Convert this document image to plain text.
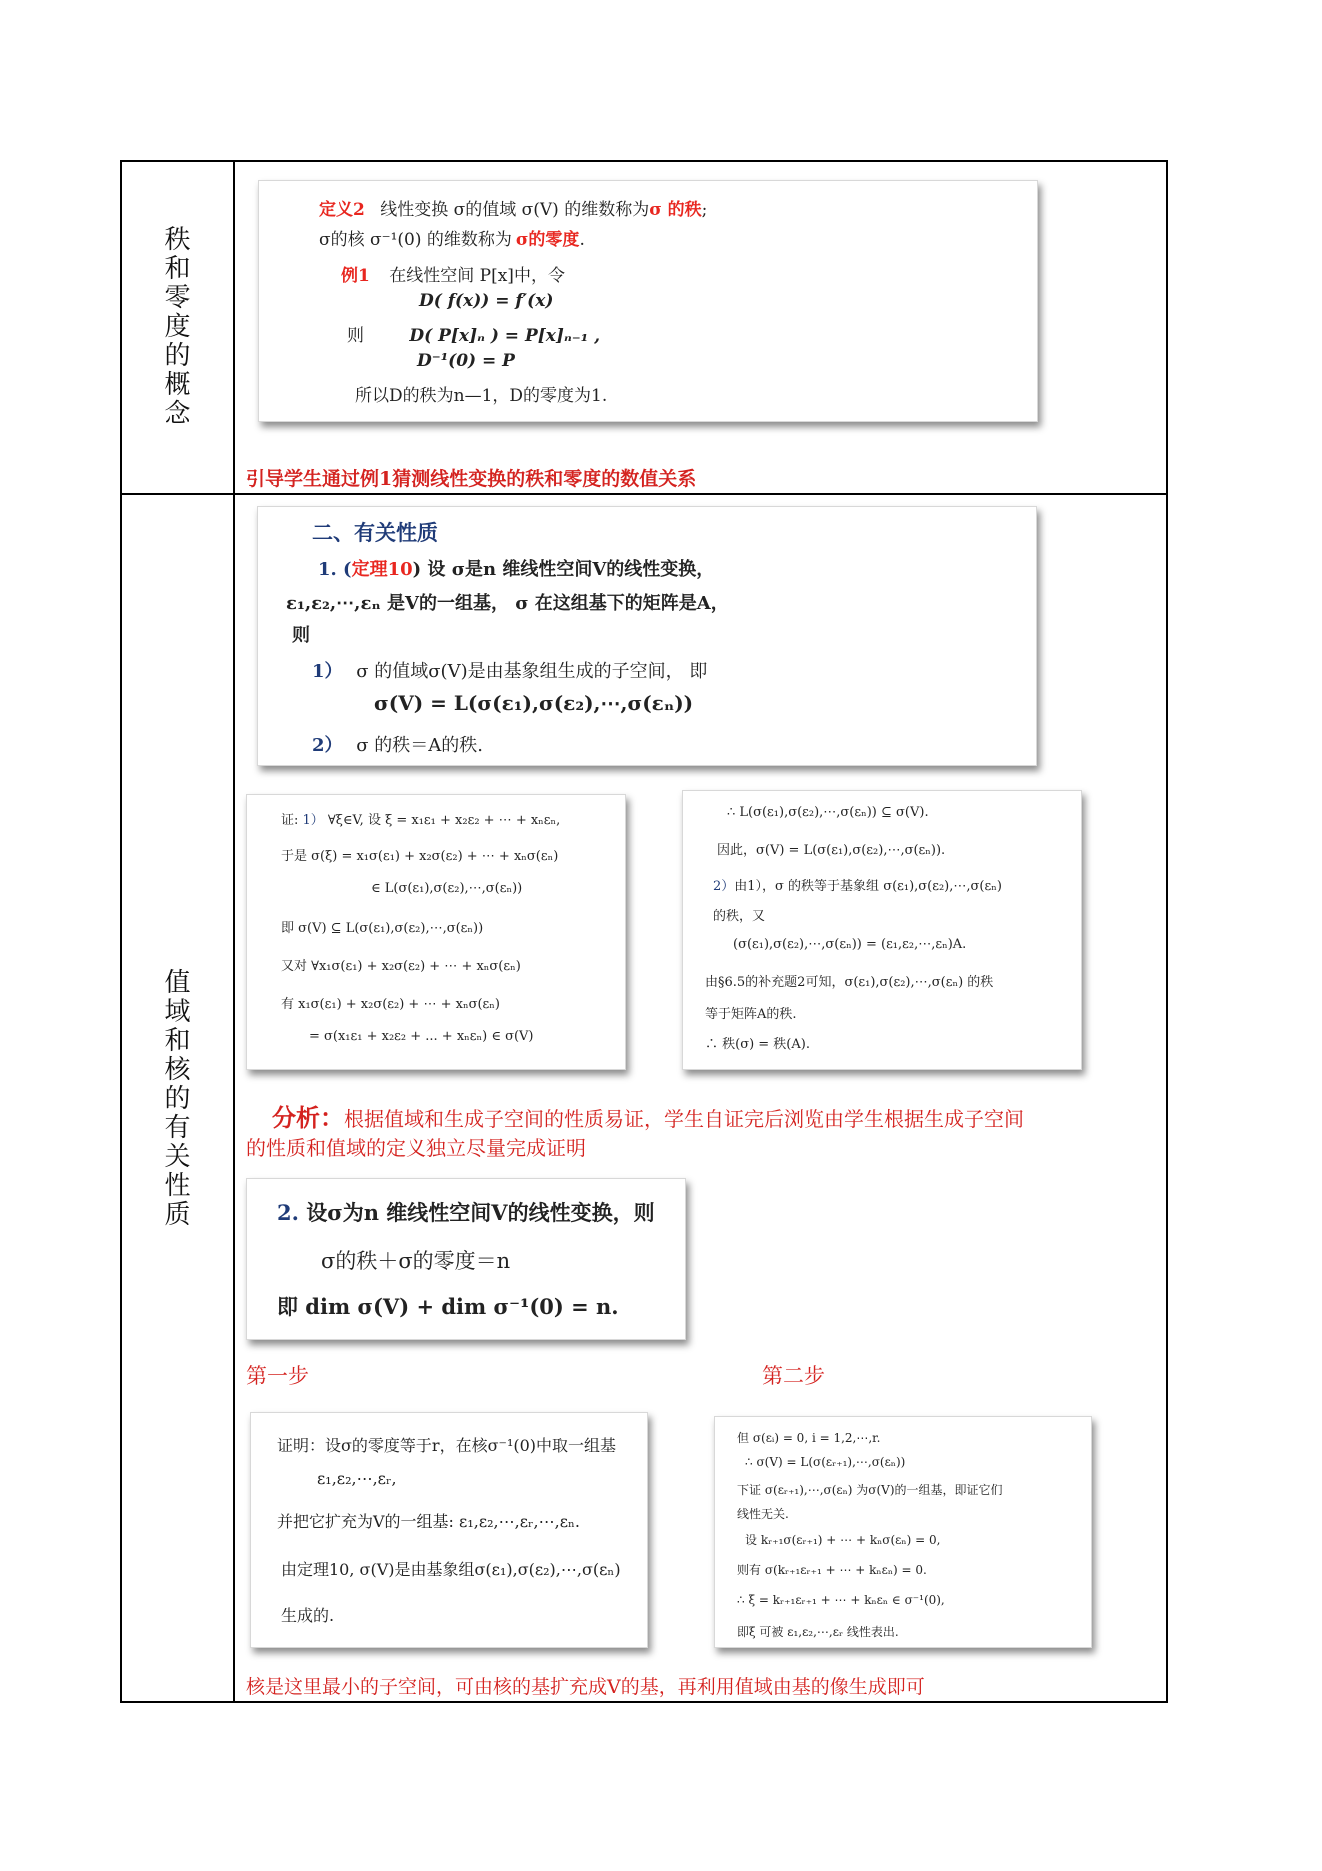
秩和零度的概念
值域和核的有关性质
定义2 线性变换 σ的值域 σ(V) 的维数称为σ 的秩;
σ的核 σ⁻¹(0) 的维数称为 σ的零度.
例1 在线性空间 P[x]中，令
D( f(x)) = f′(x)
则	D( P[x]ₙ ) = P[x]ₙ₋₁ ,
D⁻¹(0) = P
所以D的秩为n—1，D的零度为1.
引导学生通过例1猜测线性变换的秩和零度的数值关系
二、有关性质
1. (定理10) 设 σ是n 维线性空间V的线性变换，
ε₁,ε₂,⋯,εₙ 是V的一组基， σ 在这组基下的矩阵是A，
则
1） σ 的值域σ(V)是由基象组生成的子空间， 即
σ(V) = L(σ(ε₁),σ(ε₂),⋯,σ(εₙ))
2） σ 的秩＝A的秩.
证: 1） ∀ξ∈V, 设 ξ = x₁ε₁ + x₂ε₂ + ⋯ + xₙεₙ,
于是 σ(ξ) = x₁σ(ε₁) + x₂σ(ε₂) + ⋯ + xₙσ(εₙ)
∈ L(σ(ε₁),σ(ε₂),⋯,σ(εₙ))
即 σ(V) ⊆ L(σ(ε₁),σ(ε₂),⋯,σ(εₙ))
又对 ∀x₁σ(ε₁) + x₂σ(ε₂) + ⋯ + xₙσ(εₙ)
有 x₁σ(ε₁) + x₂σ(ε₂) + ⋯ + xₙσ(εₙ)
= σ(x₁ε₁ + x₂ε₂ + ... + xₙεₙ) ∈ σ(V)
∴ L(σ(ε₁),σ(ε₂),⋯,σ(εₙ)) ⊆ σ(V).
因此，σ(V) = L(σ(ε₁),σ(ε₂),⋯,σ(εₙ)).
2）由1），σ 的秩等于基象组 σ(ε₁),σ(ε₂),⋯,σ(εₙ)
的秩，又
(σ(ε₁),σ(ε₂),⋯,σ(εₙ)) = (ε₁,ε₂,⋯,εₙ)A.
由§6.5的补充题2可知，σ(ε₁),σ(ε₂),⋯,σ(εₙ) 的秩
等于矩阵A的秩.
∴ 秩(σ) = 秩(A).
分析：根据值域和生成子空间的性质易证，学生自证完后浏览由学生根据生成子空间
的性质和值域的定义独立尽量完成证明
2. 设σ为n 维线性空间V的线性变换，则
σ的秩＋σ的零度＝n
即 dim σ(V) + dim σ⁻¹(0) = n.
第一步	第二步
证明：设σ的零度等于r，在核σ⁻¹(0)中取一组基
ε₁,ε₂,⋯,εᵣ,
并把它扩充为V的一组基: ε₁,ε₂,⋯,εᵣ,⋯,εₙ.
由定理10, σ(V)是由基象组σ(ε₁),σ(ε₂),⋯,σ(εₙ)
生成的.
但 σ(εᵢ) = 0, i = 1,2,⋯,r.
∴ σ(V) = L(σ(εᵣ₊₁),⋯,σ(εₙ))
下证 σ(εᵣ₊₁),⋯,σ(εₙ) 为σ(V)的一组基，即证它们
线性无关.
设 kᵣ₊₁σ(εᵣ₊₁) + ⋯ + kₙσ(εₙ) = 0,
则有 σ(kᵣ₊₁εᵣ₊₁ + ⋯ + kₙεₙ) = 0.
∴ ξ = kᵣ₊₁εᵣ₊₁ + ⋯ + kₙεₙ ∈ σ⁻¹(0),
即ξ 可被 ε₁,ε₂,⋯,εᵣ 线性表出.
核是这里最小的子空间，可由核的基扩充成V的基，再利用值域由基的像生成即可
